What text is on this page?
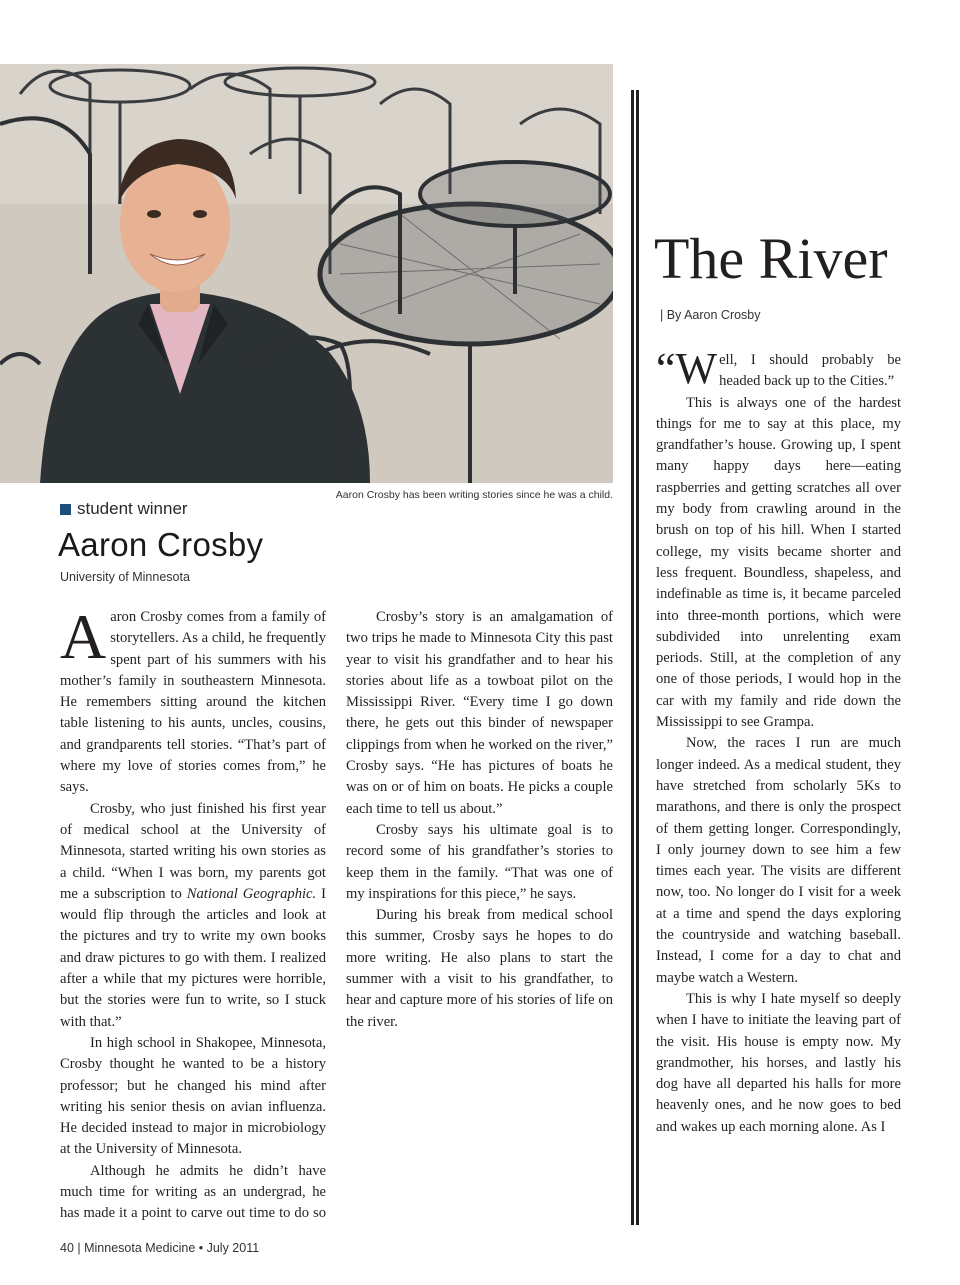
Aaron Crosby has been writing stories since he was a child.
student winner
Aaron Crosby
University of Minnesota

Aaron Crosby comes from a family of storytellers. As a child, he frequently spent part of his summers with his mother’s family in southeastern Minnesota. He remembers sitting around the kitchen table listening to his aunts, uncles, cousins, and grandparents tell stories. “That’s part of where my love of stories comes from,” he says.

Crosby, who just finished his first year of medical school at the University of Minnesota, started writing his own stories as a child. “When I was born, my parents got me a subscription to National Geographic. I would flip through the articles and look at the pictures and try to write my own books and draw pictures to go with them. I realized after a while that my pictures were horrible, but the stories were fun to write, so I stuck with that.”

In high school in Shakopee, Minnesota, Crosby thought he wanted to be a history professor; but he changed his mind after writing his senior thesis on avian influenza. He decided instead to major in microbiology at the University of Minnesota.

Although he admits he didn’t have much time for writing as an undergrad, he has made it a point to carve out time to do so

Crosby’s story is an amalgamation of two trips he made to Minnesota City this past year to visit his grandfather and to hear his stories about life as a towboat pilot on the Mississippi River. “Every time I go down there, he gets out this binder of newspaper clippings from when he worked on the river,” Crosby says. “He has pictures of boats he was on or of him on boats. He picks a couple each time to tell us about.”

Crosby says his ultimate goal is to record some of his grandfather’s stories to keep them in the family. “That was one of my inspirations for this piece,” he says.

During his break from medical school this summer, Crosby says he hopes to do more writing. He also plans to start the summer with a visit to his grandfather, to hear and capture more of his stories of life on the river.

The River
| By Aaron Crosby

“Well, I should probably be headed back up to the Cities.”

This is always one of the hardest things for me to say at this place, my grandfather’s house. Growing up, I spent many happy days here—eating raspberries and getting scratches all over my body from crawling around in the brush on top of his hill. When I started college, my visits became shorter and less frequent. Boundless, shapeless, and indefinable as time is, it became parceled into three-month portions, which were subdivided into unrelenting exam periods. Still, at the completion of any one of those periods, I would hop in the car with my family and ride down the Mississippi to see Grampa.

Now, the races I run are much longer indeed. As a medical student, they have stretched from scholarly 5Ks to marathons, and there is only the prospect of them getting longer. Correspondingly, I only journey down to see him a few times each year. The visits are different now, too. No longer do I visit for a week at a time and spend the days exploring the countryside and watching baseball. Instead, I come for a day to chat and maybe watch a Western.

This is why I hate myself so deeply when I have to initiate the leaving part of the visit. His house is empty now. My grandmother, his horses, and lastly his dog have all departed his halls for more heavenly ones, and he now goes to bed and wakes up each morning alone. As I

40 | Minnesota Medicine • July 2011
